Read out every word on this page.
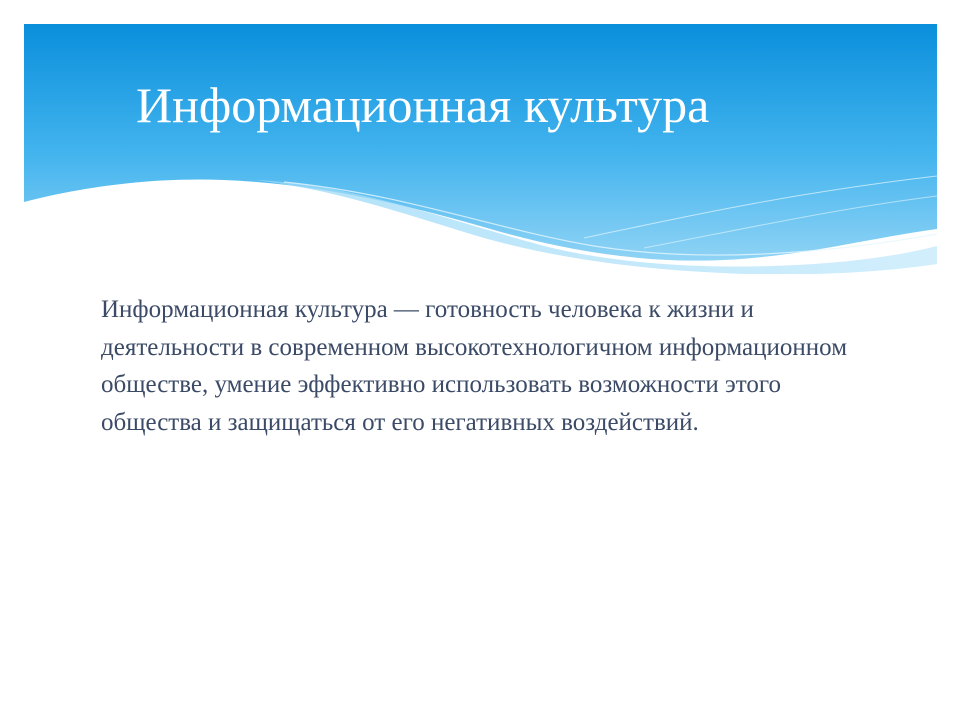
Информационная культура

Информационная культура — готовность человека к жизни и деятельности в современном высокотехнологичном информационном обществе, умение эффективно использовать возможности этого общества и защищаться от его негативных воздействий.
